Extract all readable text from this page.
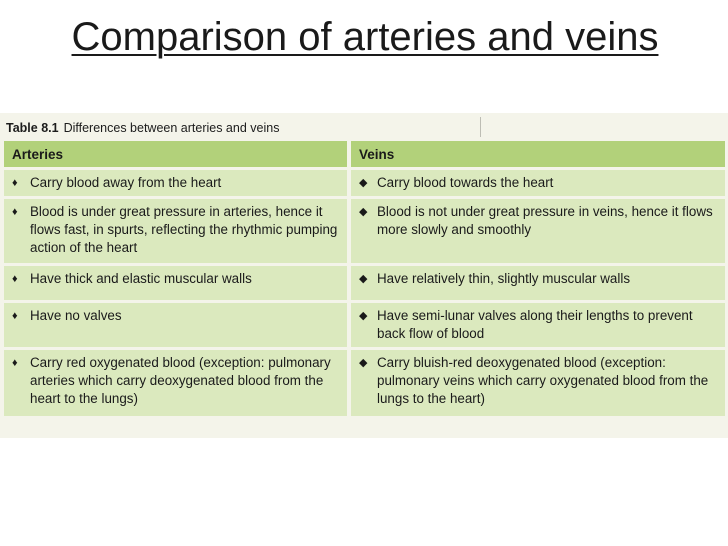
Comparison of arteries and veins
Table 8.1 Differences between arteries and veins
Arteries	Veins

♦ Carry blood away from the heart	◆ Carry blood towards the heart

♦ Blood is under great pressure in arteries, hence it flows fast, in spurts, reflecting the rhythmic pumping action of the heart	◆ Blood is not under great pressure in veins, hence it flows more slowly and smoothly

♦ Have thick and elastic muscular walls	◆ Have relatively thin, slightly muscular walls

♦ Have no valves	◆ Have semi-lunar valves along their lengths to prevent back flow of blood

♦ Carry red oxygenated blood (exception: pulmonary arteries which carry deoxygenated blood from the heart to the lungs)	◆ Carry bluish-red deoxygenated blood (exception: pulmonary veins which carry oxygenated blood from the lungs to the heart)
